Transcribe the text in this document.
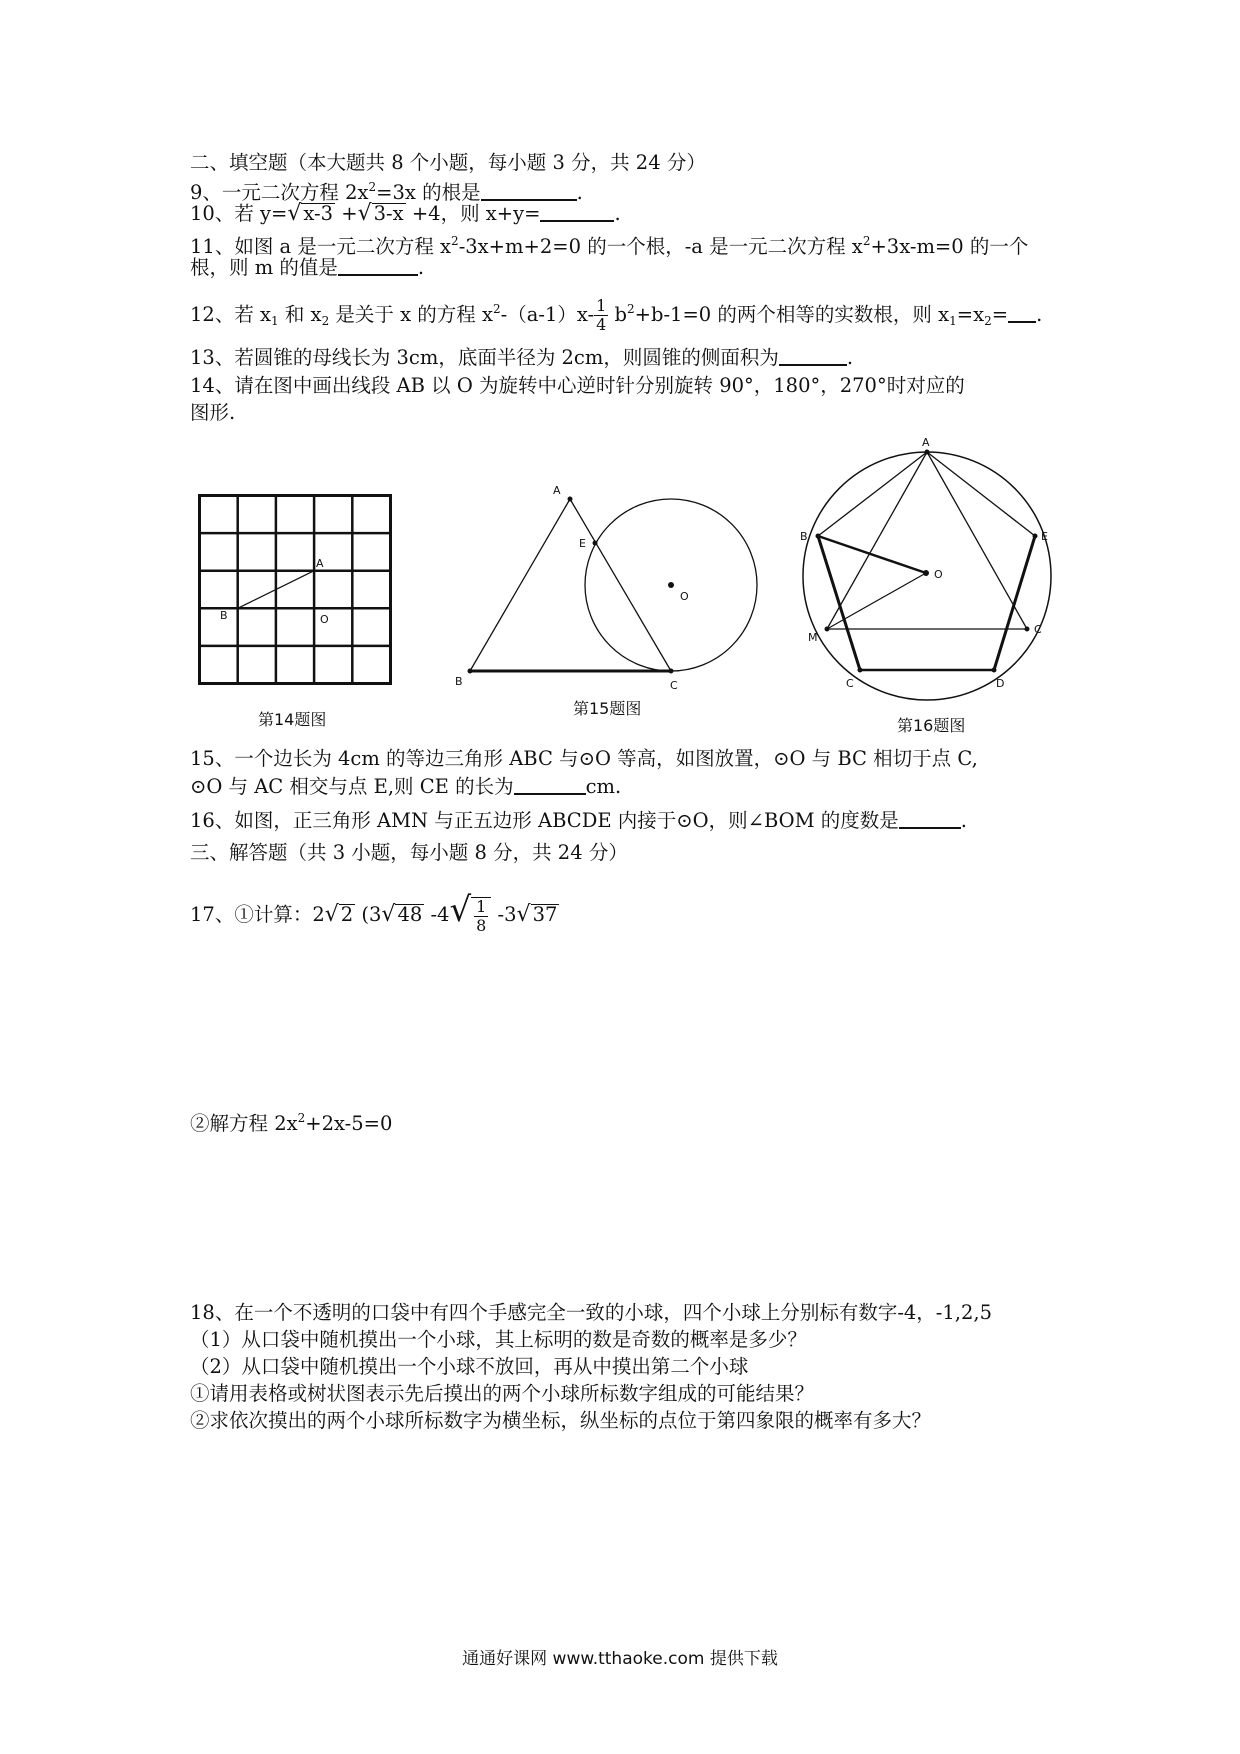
二、填空题（本大题共 8 个小题，每小题 3 分，共 24 分）
9、一元二次方程 $2x^2=3x$ 的根是	.
10、若 y=√ x-3 +√ 3-x +4，则 x+y=	.
11、如图 a 是一元二次方程 $x^2-3x+m+2=0$ 的一个根，-a 是一元二次方程 $x^2+3x-m=0$ 的一个
根，则 m 的值是	.
12、若 $x_1$ 和 $x_2$ 是关于 x 的方程 $x^2-(a-1)x- \frac{1}{4} b^2+b-1=0$ 的两个相等的实数根，则 $x_1=x_2=$ .
13、若圆锥的母线长为 3cm，底面半径为 2cm，则圆锥的侧面积为	.
14、请在图中画出线段 AB 以 O 为旋转中心逆时针分别旋转 90°，180°，270°时对应的
图形.
A
B	O
第14题图
A
E
O
B	C
第15题图
A
B	E
O
C
M
C	D
第16题图
15、一个边长为 4cm 的等边三角形 ABC 与⊙O 等高，如图放置，⊙O 与 BC 相切于点 C,
⊙O 与 AC 相交与点 E,则 CE 的长为	cm.
16、如图，正三角形 AMN 与正五边形 ABCDE 内接于⊙O，则∠BOM 的度数是	.
三、解答题（共 3 小题，每小题 8 分，共 24 分）
17、①计算：2√ 2 (3√ 48 $-4√ \frac{1}{8} -3√$ 37
②解方程 $2x^2+2x-5=0$
18、在一个不透明的口袋中有四个手感完全一致的小球，四个小球上分别标有数字-4，-1,2,5
（1）从口袋中随机摸出一个小球，其上标明的数是奇数的概率是多少？
（2）从口袋中随机摸出一个小球不放回，再从中摸出第二个小球
①请用表格或树状图表示先后摸出的两个小球所标数字组成的可能结果？
②求依次摸出的两个小球所标数字为横坐标，纵坐标的点位于第四象限的概率有多大？
通通好课网 www.tthaoke.com 提供下载
